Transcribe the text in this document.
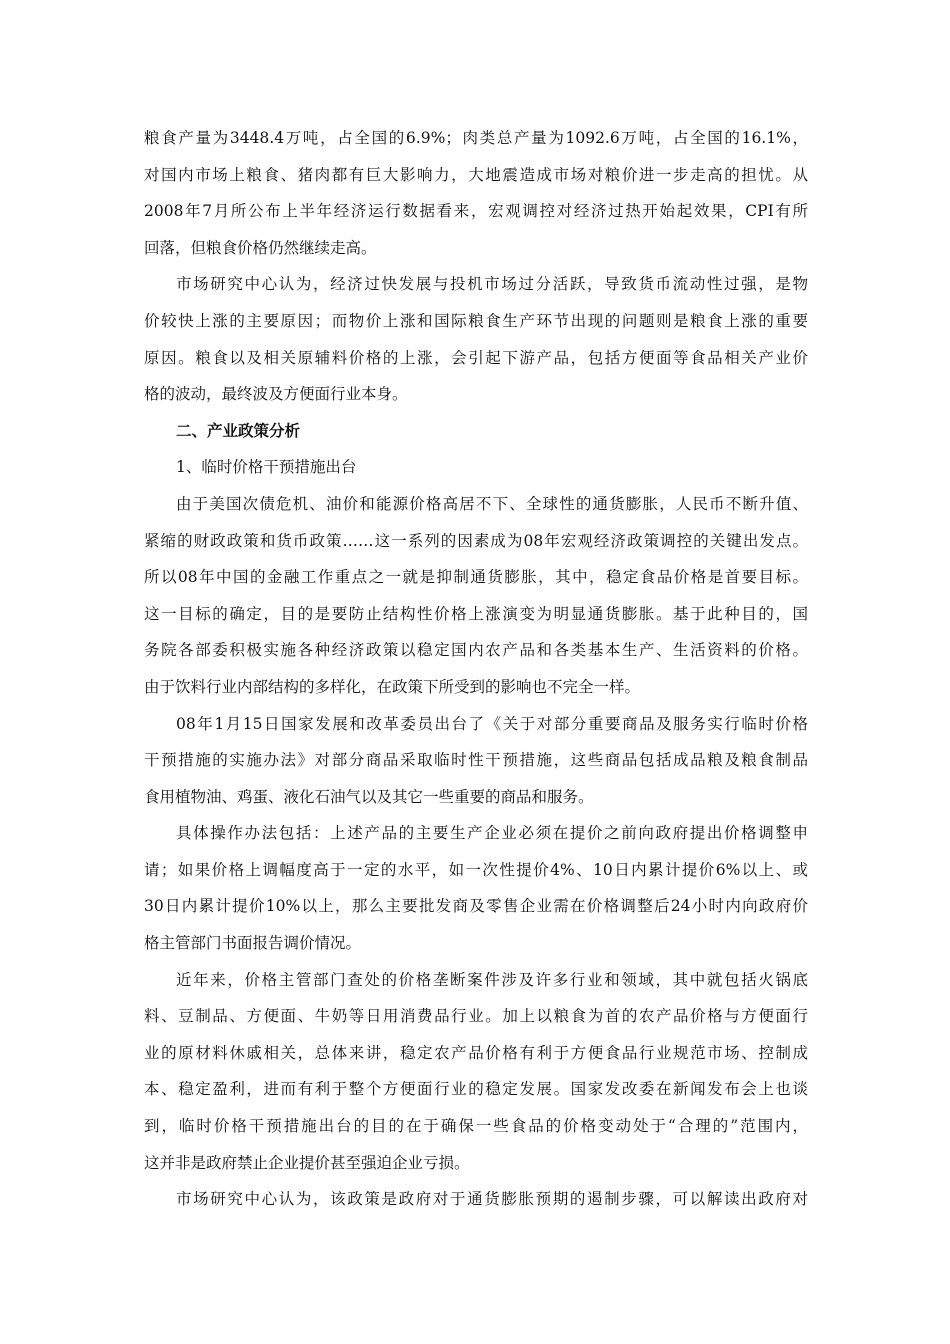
粮食产量为3448.4万吨，占全国的6.9%；肉类总产量为1092.6万吨，占全国的16.1%，
对国内市场上粮食、猪肉都有巨大影响力，大地震造成市场对粮价进一步走高的担忧。从
2008年7月所公布上半年经济运行数据看来，宏观调控对经济过热开始起效果，CPI有所
回落，但粮食价格仍然继续走高。
市场研究中心认为，经济过快发展与投机市场过分活跃，导致货币流动性过强，是物
价较快上涨的主要原因；而物价上涨和国际粮食生产环节出现的问题则是粮食上涨的重要
原因。粮食以及相关原辅料价格的上涨，会引起下游产品，包括方便面等食品相关产业价
格的波动，最终波及方便面行业本身。
二、产业政策分析
1、临时价格干预措施出台
由于美国次债危机、油价和能源价格高居不下、全球性的通货膨胀，人民币不断升值、
紧缩的财政政策和货币政策……这一系列的因素成为08年宏观经济政策调控的关键出发点。
所以08年中国的金融工作重点之一就是抑制通货膨胀，其中，稳定食品价格是首要目标。
这一目标的确定，目的是要防止结构性价格上涨演变为明显通货膨胀。基于此种目的，国
务院各部委积极实施各种经济政策以稳定国内农产品和各类基本生产、生活资料的价格。
由于饮料行业内部结构的多样化，在政策下所受到的影响也不完全一样。
08年1月15日国家发展和改革委员出台了《关于对部分重要商品及服务实行临时价格
干预措施的实施办法》对部分商品采取临时性干预措施，这些商品包括成品粮及粮食制品
食用植物油、鸡蛋、液化石油气以及其它一些重要的商品和服务。
具体操作办法包括：上述产品的主要生产企业必须在提价之前向政府提出价格调整申
请；如果价格上调幅度高于一定的水平，如一次性提价4%、10日内累计提价6%以上、或
30日内累计提价10%以上，那么主要批发商及零售企业需在价格调整后24小时内向政府价
格主管部门书面报告调价情况。
近年来，价格主管部门查处的价格垄断案件涉及许多行业和领域，其中就包括火锅底
料、豆制品、方便面、牛奶等日用消费品行业。加上以粮食为首的农产品价格与方便面行
业的原材料休戚相关，总体来讲，稳定农产品价格有利于方便食品行业规范市场、控制成
本、稳定盈利，进而有利于整个方便面行业的稳定发展。国家发改委在新闻发布会上也谈
到，临时价格干预措施出台的目的在于确保一些食品的价格变动处于“合理的”范围内，
这并非是政府禁止企业提价甚至强迫企业亏损。
市场研究中心认为，该政策是政府对于通货膨胀预期的遏制步骤，可以解读出政府对
